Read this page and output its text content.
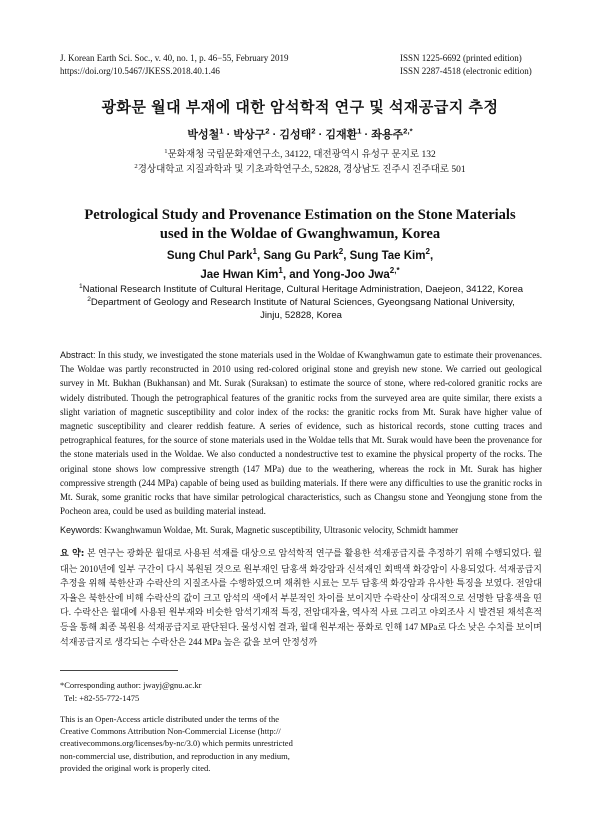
J. Korean Earth Sci. Soc., v. 40, no. 1, p. 46−55, February 2019
https://doi.org/10.5467/JKESS.2018.40.1.46
ISSN 1225-6692 (printed edition)
ISSN 2287-4518 (electronic edition)
광화문 월대 부재에 대한 암석학적 연구 및 석재공급지 추정
박성철$^1$ · 박상구$^2$ · 김성태$^2$ · 김재환$^1$ · 좌용주$^{2,*}$
$^1$문화재청 국립문화재연구소, 34122, 대전광역시 유성구 문지로 132
$^2$경상대학교 지질과학과 및 기초과학연구소, 52828, 경상남도 진주시 진주대로 501
Petrological Study and Provenance Estimation on the Stone Materials
used in the Woldae of Gwanghwamun, Korea
Sung Chul Park$^1$, Sang Gu Park$^2$, Sung Tae Kim$^2$,
Jae Hwan Kim$^1$, and Yong-Joo Jwa$^{2,*}$
$^1$National Research Institute of Cultural Heritage, Cultural Heritage Administration, Daejeon, 34122, Korea
$^2$Department of Geology and Research Institute of Natural Sciences, Gyeongsang National University,
Jinju, 52828, Korea
Abstract: In this study, we investigated the stone materials used in the Woldae of Kwanghwamun gate to estimate their provenances. The Woldae was partly reconstructed in 2010 using red-colored original stone and greyish new stone. We carried out geological survey in Mt. Bukhan (Bukhansan) and Mt. Surak (Suraksan) to estimate the source of stone, where red-colored granitic rocks are widely distributed. Though the petrographical features of the granitic rocks from the surveyed area are quite similar, there exists a slight variation of magnetic susceptibility and color index of the rocks: the granitic rocks from Mt. Surak have higher value of magnetic susceptibility and clearer reddish feature. A series of evidence, such as historical records, stone cutting traces and petrographical features, for the source of stone materials used in the Woldae tells that Mt. Surak would have been the provenance for the stone materials used in the Woldae. We also conducted a nondestructive test to examine the physical property of the rocks. The original stone shows low compressive strength (147 MPa) due to the weathering, whereas the rock in Mt. Surak has higher compressive strength (244 MPa) capable of being used as building materials. If there were any difficulties to use the granitic rocks in Mt. Surak, some granitic rocks that have similar petrological characteristics, such as Changsu stone and Yeongjung stone from the Pocheon area, could be used as building material instead.
Keywords: Kwanghwamun Woldae, Mt. Surak, Magnetic susceptibility, Ultrasonic velocity, Schmidt hammer
요 약: 본 연구는 광화문 월대로 사용된 석재를 대상으로 암석학적 연구를 활용한 석재공급지를 추정하기 위해 수행되었다. 월대는 2010년에 일부 구간이 다시 복원된 것으로 원부재인 담홍색 화강암과 신석재인 회백색 화강암이 사용되었다. 석재공급지 추정을 위해 북한산과 수락산의 지질조사를 수행하였으며 채취한 시료는 모두 담홍색 화강암과 유사한 특징을 보였다. 전암대자율은 북한산에 비해 수락산의 값이 크고 암석의 색에서 부분적인 차이를 보이지만 수락산이 상대적으로 선명한 담홍색을 띤다. 수락산은 월대에 사용된 원부재와 비슷한 암석기재적 특징, 전암대자율, 역사적 사료 그리고 야외조사 시 발견된 채석흔적 등을 통해 최종 복원용 석재공급지로 판단된다. 물성시험 결과, 월대 원부재는 풍화로 인해 147 MPa로 다소 낮은 수치를 보이며 석재공급지로 생각되는 수락산은 244 MPa 높은 값을 보여 안정성까
*Corresponding author: jwayj@gnu.ac.kr
Tel: +82-55-772-1475
This is an Open-Access article distributed under the terms of the
Creative Commons Attribution Non-Commercial License (http://
creativecommons.org/licenses/by-nc/3.0) which permits unrestricted
non-commercial use, distribution, and reproduction in any medium,
provided the original work is properly cited.
